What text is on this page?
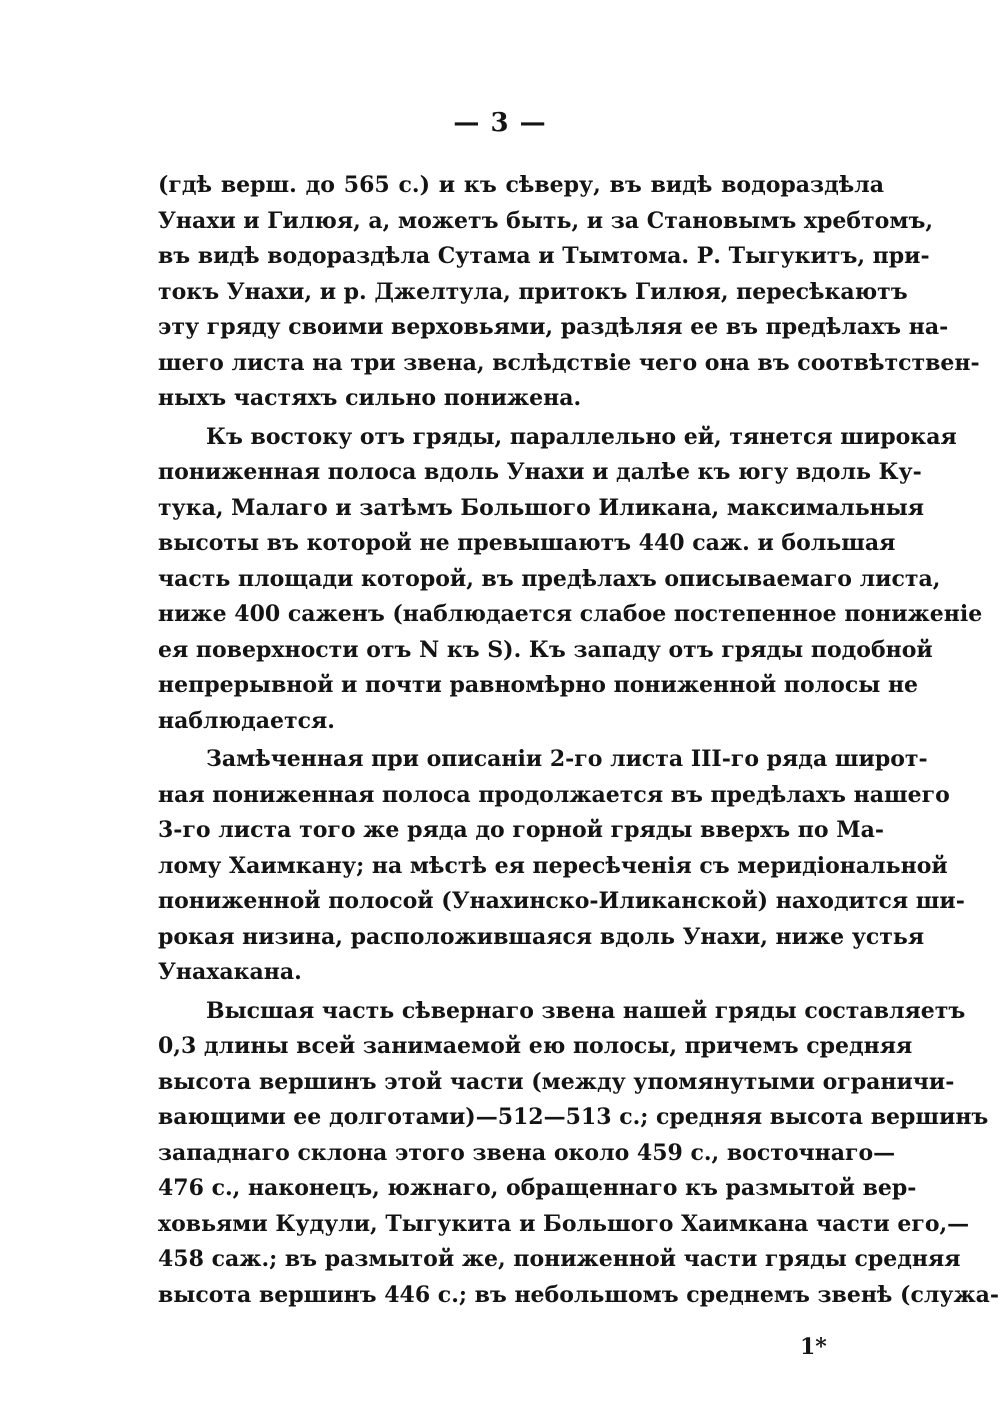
— 3 —
(гдѣ верш. до 565 с.) и къ сѣверу, въ видѣ водораздѣла
Унахи и Гилюя, а, можетъ быть, и за Становымъ хребтомъ,
въ видѣ водораздѣла Сутама и Тымтома. Р. Тыгукитъ, при-
токъ Унахи, и р. Джелтула, притокъ Гилюя, пересѣкаютъ
эту гряду своими верховьями, раздѣляя ее въ предѣлахъ на-
шего листа на три звена, вслѣдствіе чего она въ соотвѣтствен-
ныхъ частяхъ сильно понижена.
Къ востоку отъ гряды, параллельно ей, тянется широкая
пониженная полоса вдоль Унахи и далѣе къ югу вдоль Ку-
тука, Малаго и затѣмъ Большого Иликана, максимальныя
высоты въ которой не превышаютъ 440 саж. и большая
часть площади которой, въ предѣлахъ описываемаго листа,
ниже 400 саженъ (наблюдается слабое постепенное пониженіе
ея поверхности отъ N къ S). Къ западу отъ гряды подобной
непрерывной и почти равномѣрно пониженной полосы не
наблюдается.
Замѣченная при описаніи 2-го листа III-го ряда широт-
ная пониженная полоса продолжается въ предѣлахъ нашего
3-го листа того же ряда до горной гряды вверхъ по Ма-
лому Хаимкану; на мѣстѣ ея пересѣченія съ меридіональной
пониженной полосой (Унахинско-Иликанской) находится ши-
рокая низина, расположившаяся вдоль Унахи, ниже устья
Унахакана.
Высшая часть сѣвернаго звена нашей гряды составляетъ
0,3 длины всей занимаемой ею полосы, причемъ средняя
высота вершинъ этой части (между упомянутыми ограничи-
вающими ее долготами)—512—513 с.; средняя высота вершинъ
западнаго склона этого звена около 459 с., восточнаго—
476 с., наконецъ, южнаго, обращеннаго къ размытой вер-
ховьями Кудули, Тыгукита и Большого Хаимкана части его,—
458 саж.; въ размытой же, пониженной части гряды средняя
высота вершинъ 446 с.; въ небольшомъ среднемъ звенѣ (служа-
1*
